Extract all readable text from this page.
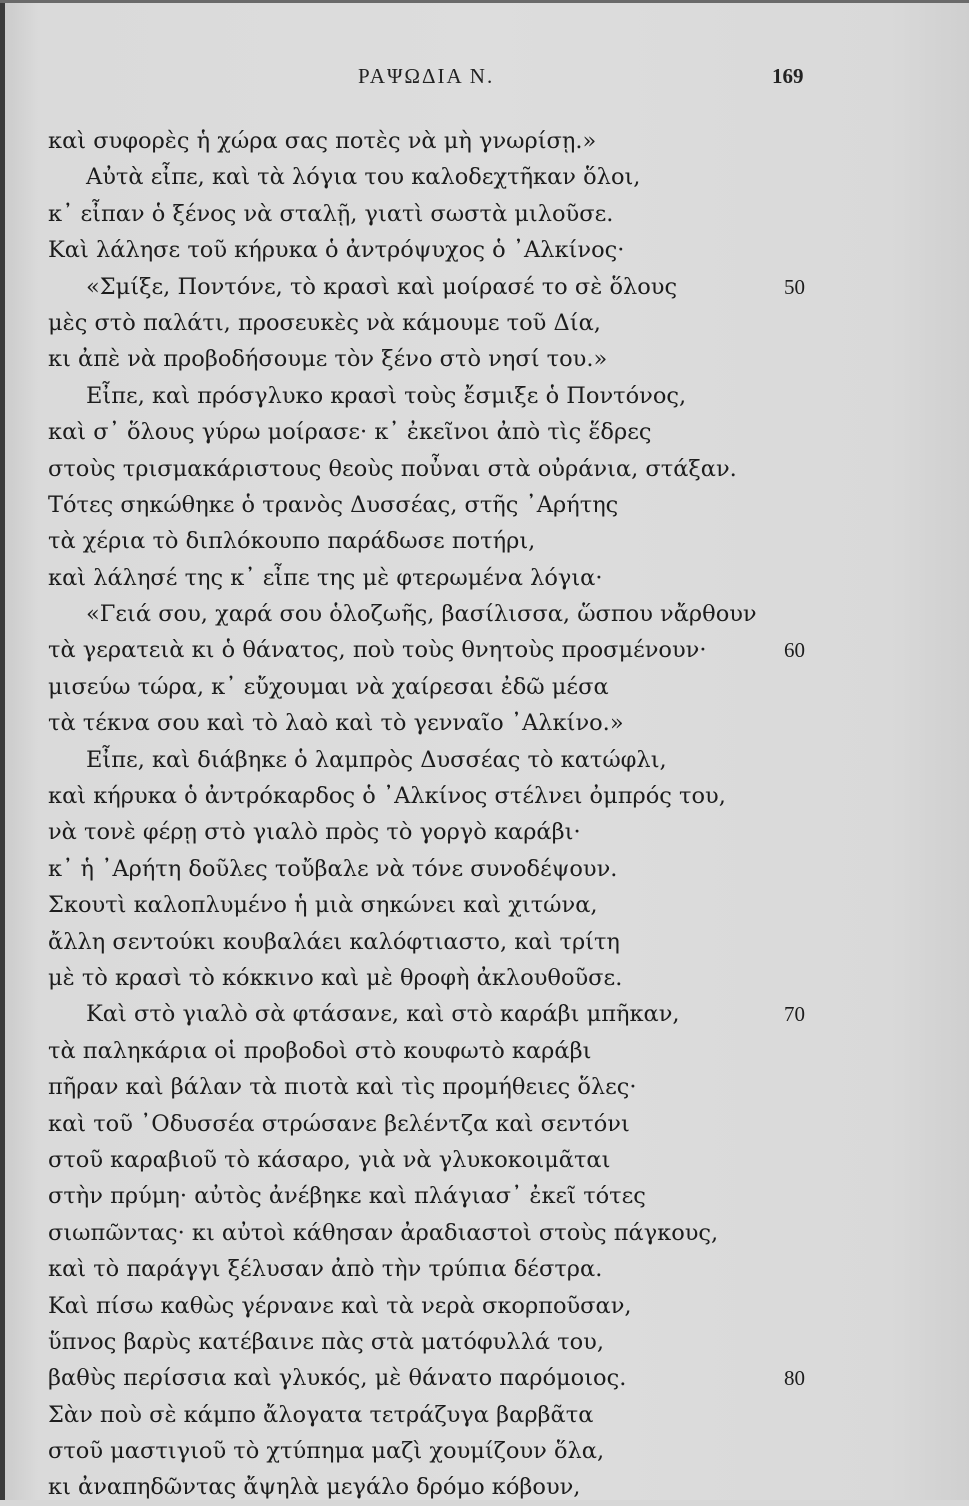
ΡΑΨΩΔΙΑ Ν.	169
καὶ συφορὲς ἡ χώρα σας ποτὲς νὰ μὴ γνωρίσῃ.»
Αὐτὰ εἶπε, καὶ τὰ λόγια του καλοδεχτῆκαν ὅλοι,
κ᾿ εἶπαν ὁ ξένος νὰ σταλῇ, γιατὶ σωστὰ μιλοῦσε.
Καὶ λάλησε τοῦ κήρυκα ὁ ἀντρόψυχος ὁ ᾿Αλκίνος·
«Σμίξε, Ποντόνε, τὸ κρασὶ καὶ μοίρασέ το σὲ ὅλους	50
μὲς στὸ παλάτι, προσευκὲς νὰ κάμουμε τοῦ Δία,
κι ἀπὲ νὰ προβοδήσουμε τὸν ξένο στὸ νησί του.»
Εἶπε, καὶ πρόσγλυκο κρασὶ τοὺς ἔσμιξε ὁ Ποντόνος,
καὶ σ᾿ ὅλους γύρω μοίρασε· κ᾿ ἐκεῖνοι ἀπὸ τὶς ἕδρες
στοὺς τρισμακάριστους θεοὺς ποὖναι στὰ οὐράνια, στάξαν.
Τότες σηκώθηκε ὁ τρανὸς Δυσσέας, στῆς ᾿Αρήτης
τὰ χέρια τὸ διπλόκουπο παράδωσε ποτήρι,
καὶ λάλησέ της κ᾿ εἶπε της μὲ φτερωμένα λόγια·
«Γειά σου, χαρά σου ὁλοζωῆς, βασίλισσα, ὥσπου νἄρθουν
τὰ γερατειὰ κι ὁ θάνατος, ποὺ τοὺς θνητοὺς προσμένουν·	60
μισεύω τώρα, κ᾿ εὔχουμαι νὰ χαίρεσαι ἐδῶ μέσα
τὰ τέκνα σου καὶ τὸ λαὸ καὶ τὸ γενναῖο ᾿Αλκίνο.»
Εἶπε, καὶ διάβηκε ὁ λαμπρὸς Δυσσέας τὸ κατώφλι,
καὶ κήρυκα ὁ ἀντρόκαρδος ὁ ᾿Αλκίνος στέλνει ὀμπρός του,
νὰ τονὲ φέρῃ στὸ γιαλὸ πρὸς τὸ γοργὸ καράβι·
κ᾿ ἡ ᾿Αρήτη δοῦλες τοὔβαλε νὰ τόνε συνοδέψουν.
Σκουτὶ καλοπλυμένο ἡ μιὰ σηκώνει καὶ χιτώνα,
ἄλλη σεντούκι κουβαλάει καλόφτιαστο, καὶ τρίτη
μὲ τὸ κρασὶ τὸ κόκκινο καὶ μὲ θροφὴ ἀκλουθοῦσε.
Καὶ στὸ γιαλὸ σὰ φτάσανε, καὶ στὸ καράβι μπῆκαν,	70
τὰ παληκάρια οἱ προβοδοὶ στὸ κουφωτὸ καράβι
πῆραν καὶ βάλαν τὰ πιοτὰ καὶ τὶς προμήθειες ὅλες·
καὶ τοῦ ᾿Οδυσσέα στρώσανε βελέντζα καὶ σεντόνι
στοῦ καραβιοῦ τὸ κάσαρο, γιὰ νὰ γλυκοκοιμᾶται
στὴν πρύμη· αὐτὸς ἀνέβηκε καὶ πλάγιασ᾿ ἐκεῖ τότες
σιωπῶντας· κι αὐτοὶ κάθησαν ἀραδιαστοὶ στοὺς πάγκους,
καὶ τὸ παράγγι ξέλυσαν ἀπὸ τὴν τρύπια δέστρα.
Καὶ πίσω καθὼς γέρνανε καὶ τὰ νερὰ σκορποῦσαν,
ὕπνος βαρὺς κατέβαινε πὰς στὰ ματόφυλλά του,
βαθὺς περίσσια καὶ γλυκός, μὲ θάνατο παρόμοιος.	80
Σὰν ποὺ σὲ κάμπο ἄλογατα τετράζυγα βαρβᾶτα
στοῦ μαστιγιοῦ τὸ χτύπημα μαζὶ χουμίζουν ὅλα,
κι ἀναπηδῶντας ἄψηλὰ μεγάλο δρόμο κόβουν,
